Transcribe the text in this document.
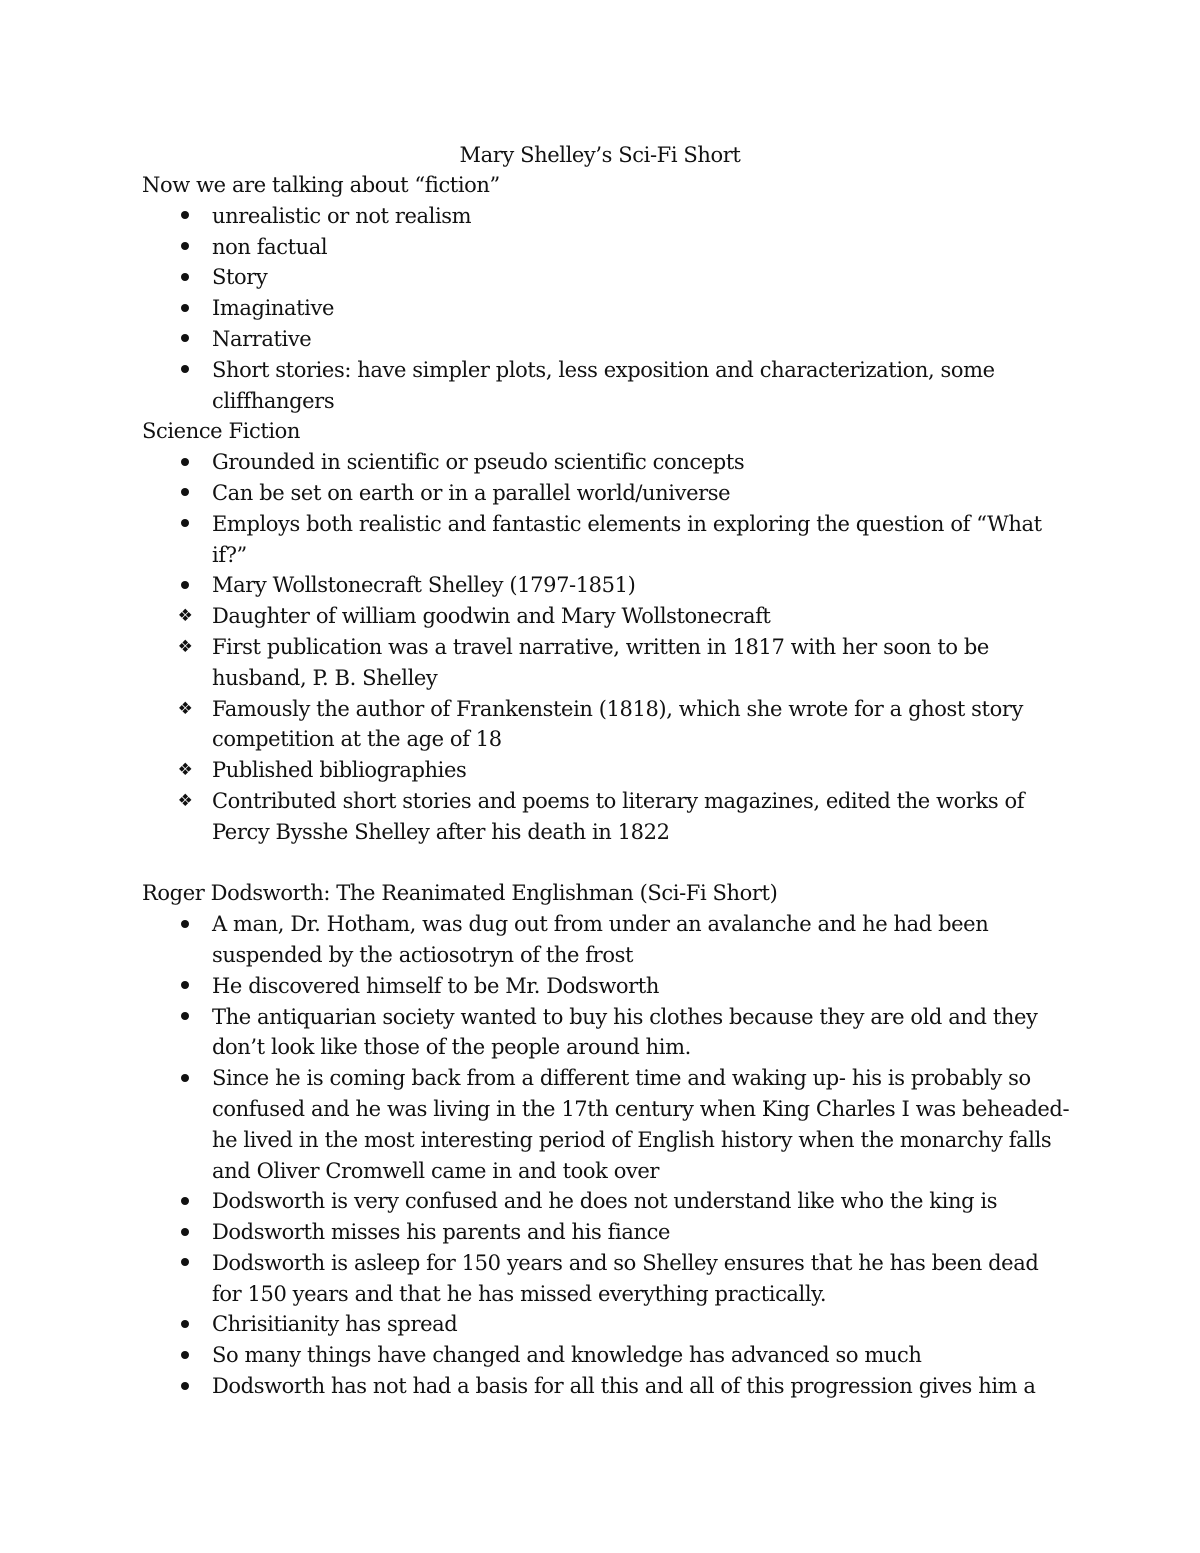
Mary Shelley’s Sci-Fi Short

Now we are talking about “fiction”

unrealistic or not realism
non factual
Story
Imaginative
Narrative
Short stories: have simpler plots, less exposition and characterization, some cliffhangers

Science Fiction

Grounded in scientific or pseudo scientific concepts
Can be set on earth or in a parallel world/universe
Employs both realistic and fantastic elements in exploring the question of “What if?”
Mary Wollstonecraft Shelley (1797-1851)
❖ Daughter of william goodwin and Mary Wollstonecraft
❖ First publication was a travel narrative, written in 1817 with her soon to be husband, P. B. Shelley
❖ Famously the author of Frankenstein (1818), which she wrote for a ghost story competition at the age of 18
❖ Published bibliographies
❖ Contributed short stories and poems to literary magazines, edited the works of Percy Bysshe Shelley after his death in 1822

Roger Dodsworth: The Reanimated Englishman (Sci-Fi Short)

A man, Dr. Hotham, was dug out from under an avalanche and he had been suspended by the actiosotryn of the frost
He discovered himself to be Mr. Dodsworth
The antiquarian society wanted to buy his clothes because they are old and they don’t look like those of the people around him.
Since he is coming back from a different time and waking up- his is probably so confused and he was living in the 17th century when King Charles I was beheaded- he lived in the most interesting period of English history when the monarchy falls and Oliver Cromwell came in and took over
Dodsworth is very confused and he does not understand like who the king is
Dodsworth misses his parents and his fiance
Dodsworth is asleep for 150 years and so Shelley ensures that he has been dead for 150 years and that he has missed everything practically.
Chrisitianity has spread
So many things have changed and knowledge has advanced so much
Dodsworth has not had a basis for all this and all of this progression gives him a
